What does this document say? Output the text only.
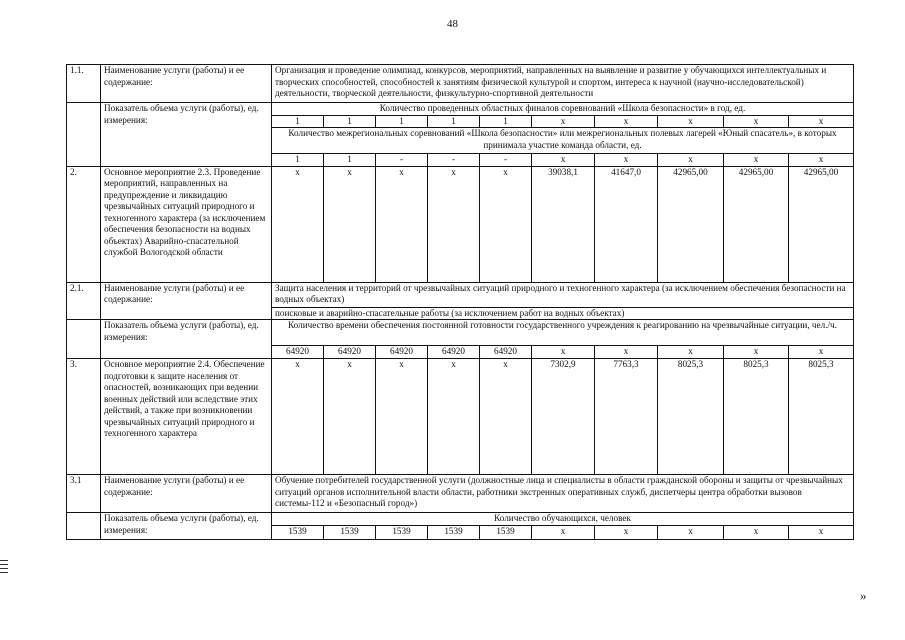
48
1.1.	Наименование услуги (работы) и ее содержание:	Организация и проведение олимпиад, конкурсов, мероприятий, направленных на выявление и развитие у обучающихся интеллектуальных и творческих способностей, способностей к занятиям физической культурой и спортом, интереса к научной (научно-исследовательской) деятельности, творческой деятельности, физкультурно-спортивной деятельности									
	Показатель объема услуги (работы), ед. измерения:	Количество проведенных областных финалов соревнований «Школа безопасности» в год, ед.									
		1	1	1	1	1	х	х	х	х	х
		Количество межрегиональных соревнований «Школа безопасности» или межрегиональных полевых лагерей «Юный спасатель», в которых принимала участие команда области, ед.									
		1	1	-	-	-	х	х	х	х	х
2.	Основное мероприятие 2.3. Проведение мероприятий, направленных на предупреждение и ликвидацию чрезвычайных ситуаций природного и техногенного характера (за исключением обеспечения безопасности на водных объектах) Аварийно-спасательной службой Вологодской области	х	х	х	х	х	39038,1	41647,0	42965,00	42965,00	42965,00
2.1.	Наименование услуги (работы) и ее содержание:	Защита населения и территорий от чрезвычайных ситуаций природного и техногенного характера (за исключением обеспечения безопасности на водных объектах)									
		поисковые и аварийно-спасательные работы (за исключением работ на водных объектах)									
	Показатель объема услуги (работы), ед. измерения:	Количество времени обеспечения постоянной готовности государственного учреждения к реагированию на чрезвычайные ситуации, чел./ч.									
		64920	64920	64920	64920	64920	х	х	х	х	х
3.	Основное мероприятие 2.4. Обеспечение подготовки к защите населения от опасностей, возникающих при ведении военных действий или вследствие этих действий, а также при возникновении чрезвычайных ситуаций природного и техногенного характера	х	х	х	х	х	7302,9	7763,3	8025,3	8025,3	8025,3
3.1	Наименование услуги (работы) и ее содержание:	Обучение потребителей государственной услуги (должностные лица и специалисты в области гражданской обороны и защиты от чрезвычайных ситуаций органов исполнительной власти области, работники экстренных оперативных служб, диспетчеры центра обработки вызовов системы-112 и «Безопасный город»)									
	Показатель объема услуги (работы), ед. измерения:	Количество обучающихся, человек									
		1539	1539	1539	1539	1539	х	х	х	х	х
»
